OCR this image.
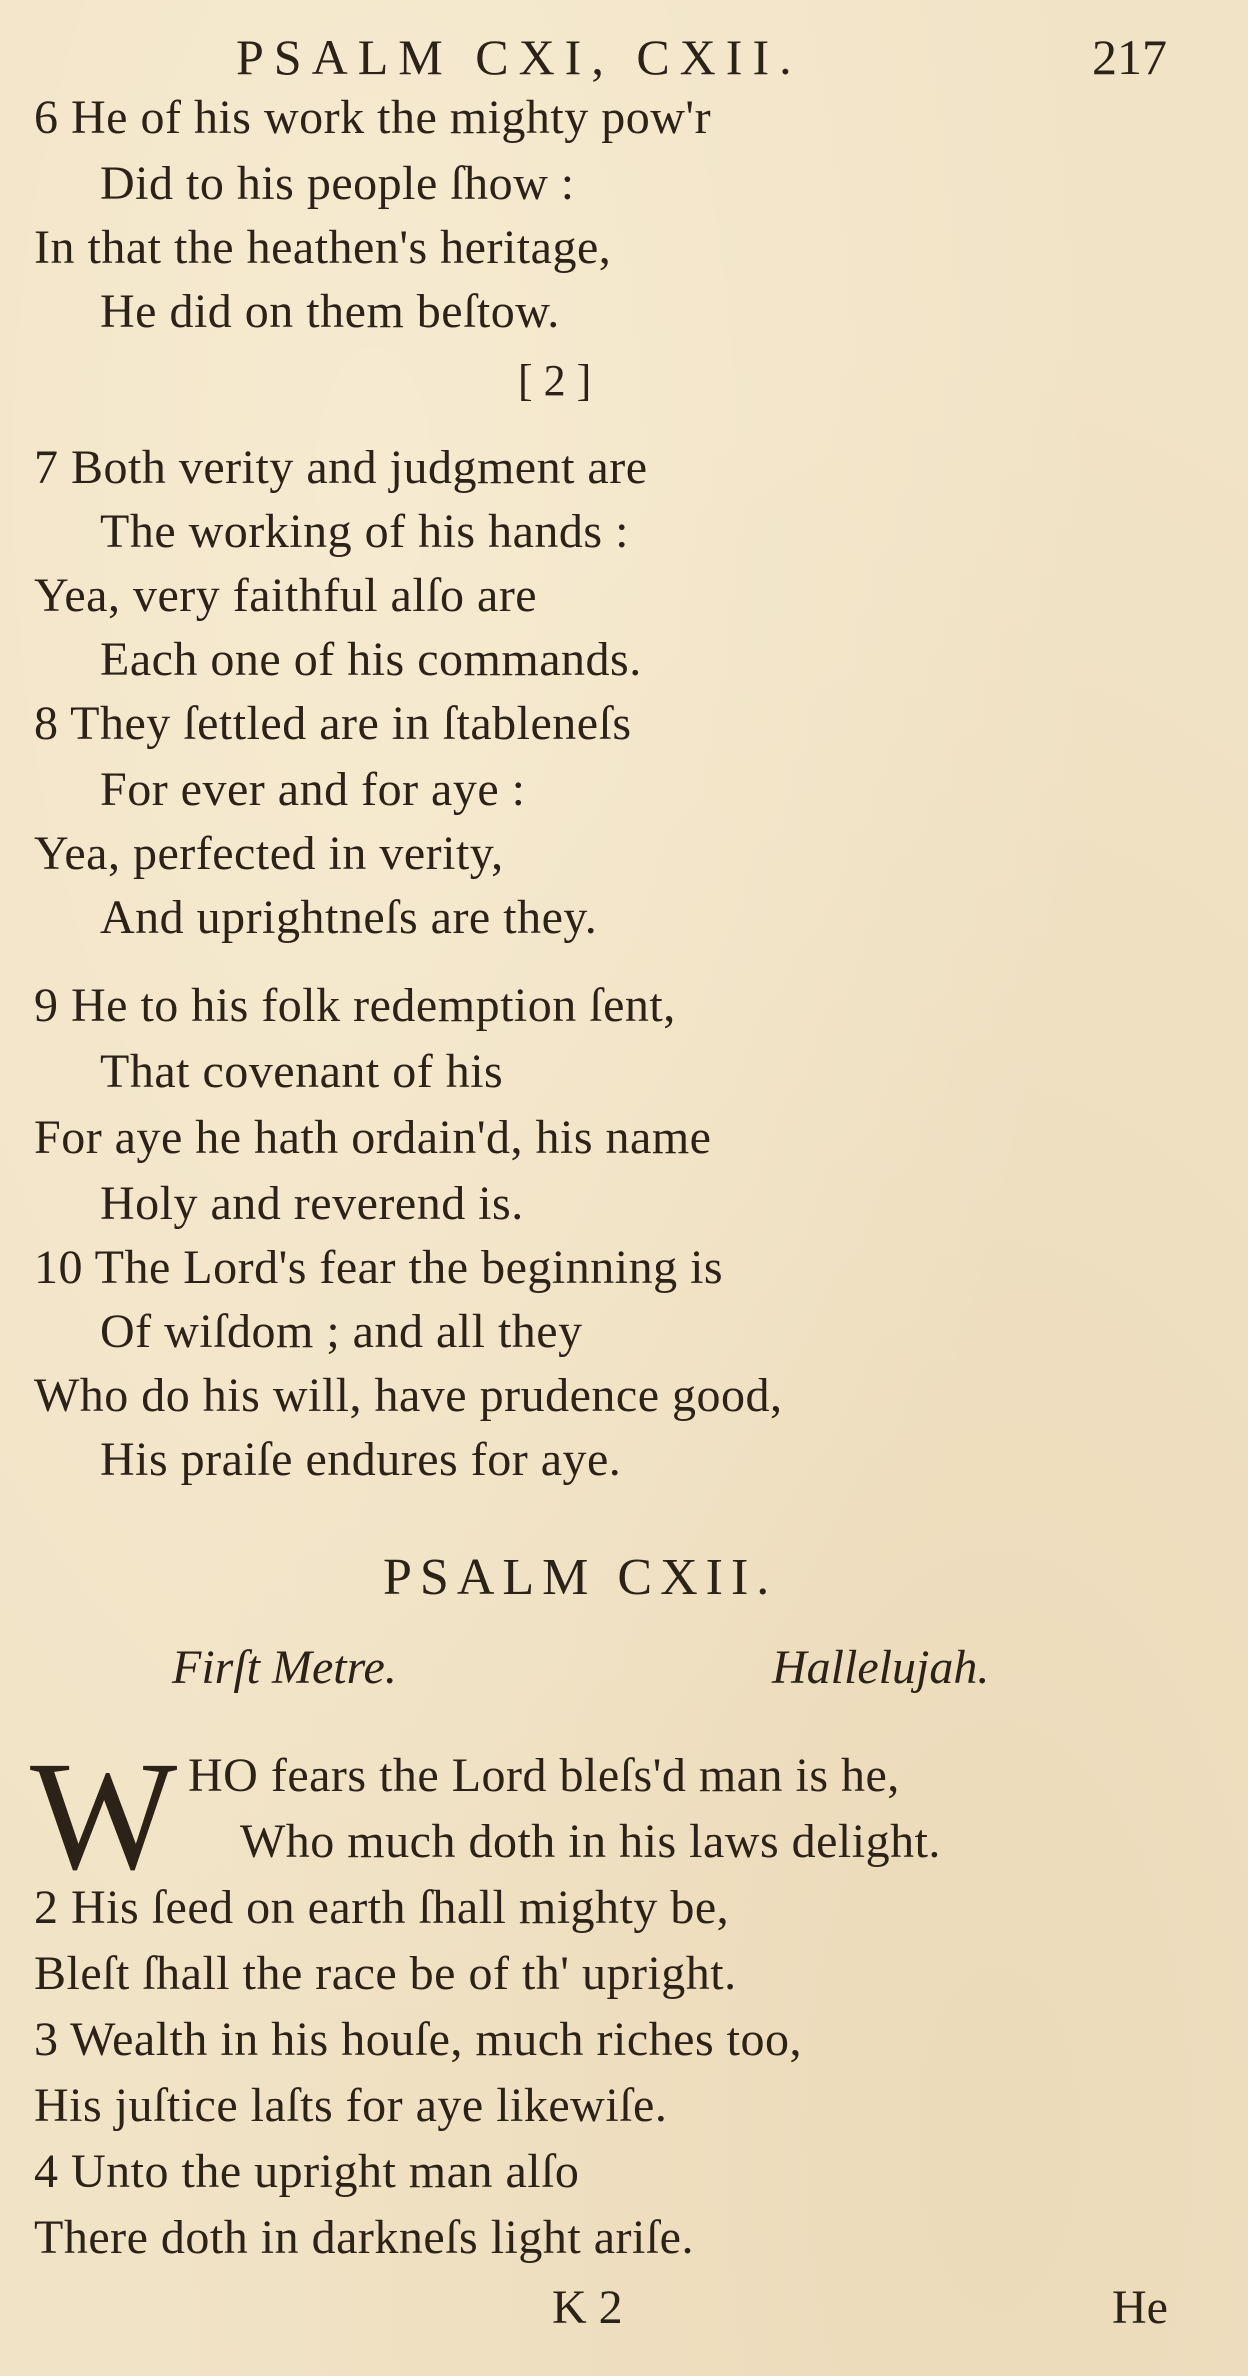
PSALM CXI, CXII.	217
6 He of his work the mighty pow'r
Did to his people ſhow :
In that the heathen's heritage,
He did on them beſtow.
[ 2 ]
7 Both verity and judgment are
The working of his hands :
Yea, very faithful alſo are
Each one of his commands.
8 They ſettled are in ſtableneſs
For ever and for aye :
Yea, perfected in verity,
And uprightneſs are they.
9 He to his folk redemption ſent,
That covenant of his
For aye he hath ordain'd, his name
Holy and reverend is.
10 The Lord's fear the beginning is
Of wiſdom ; and all they
Who do his will, have prudence good,
His praiſe endures for aye.
PSALM CXII.
Firſt Metre.	Hallelujah.
W HO fears the Lord bleſs'd man is he,
Who much doth in his laws delight.
2 His ſeed on earth ſhall mighty be,
Bleſt ſhall the race be of th' upright.
3 Wealth in his houſe, much riches too,
His juſtice laſts for aye likewiſe.
4 Unto the upright man alſo
There doth in darkneſs light ariſe.
K 2	He
